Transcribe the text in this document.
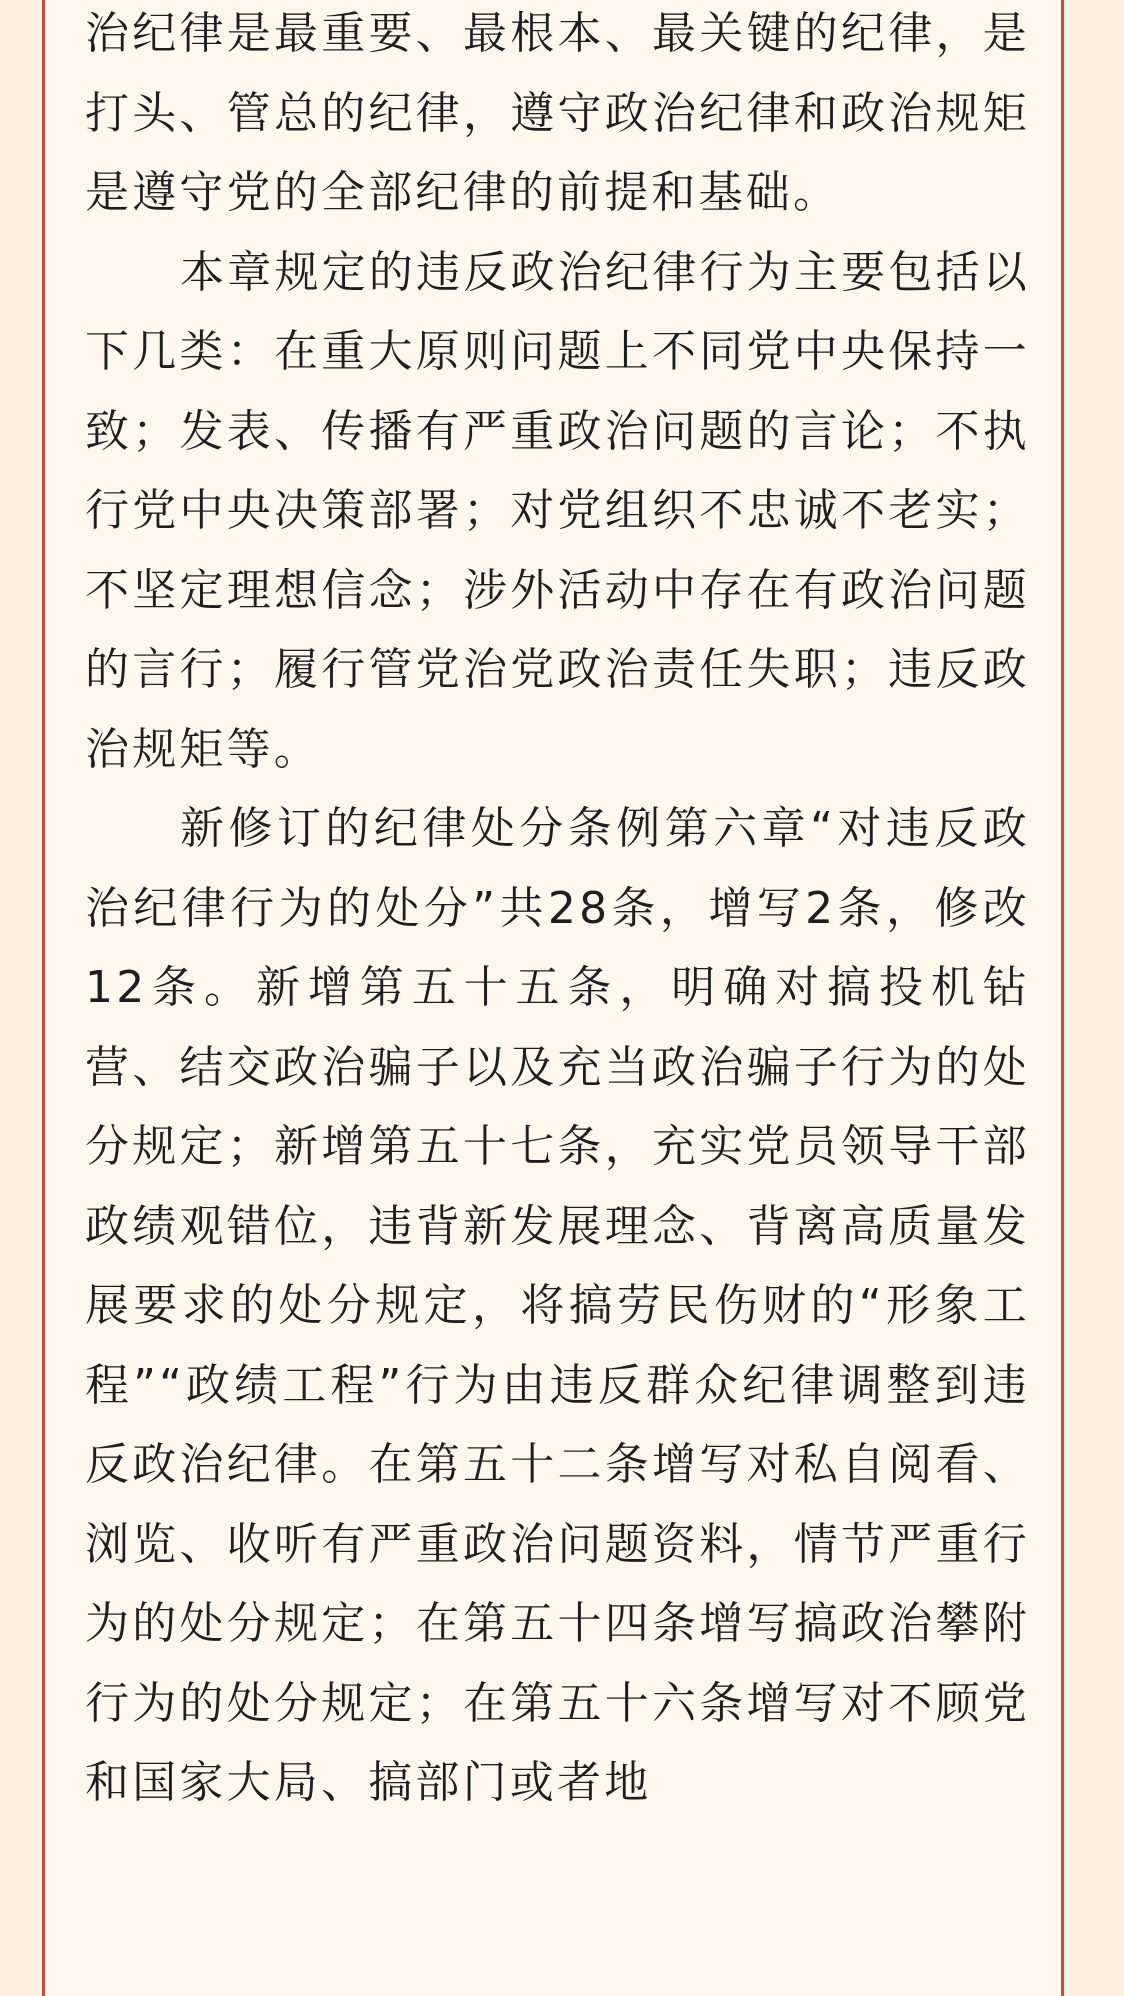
治纪律是最重要、最根本、最关键的纪律，是打头、管总的纪律，遵守政治纪律和政治规矩是遵守党的全部纪律的前提和基础。

本章规定的违反政治纪律行为主要包括以下几类：在重大原则问题上不同党中央保持一致；发表、传播有严重政治问题的言论；不执行党中央决策部署；对党组织不忠诚不老实；不坚定理想信念；涉外活动中存在有政治问题的言行；履行管党治党政治责任失职；违反政治规矩等。

新修订的纪律处分条例第六章“对违反政治纪律行为的处分”共28条，增写2条，修改12条。新增第五十五条，明确对搞投机钻营、结交政治骗子以及充当政治骗子行为的处分规定；新增第五十七条，充实党员领导干部政绩观错位，违背新发展理念、背离高质量发展要求的处分规定，将搞劳民伤财的“形象工程”“政绩工程”行为由违反群众纪律调整到违反政治纪律。在第五十二条增写对私自阅看、浏览、收听有严重政治问题资料，情节严重行为的处分规定；在第五十四条增写搞政治攀附行为的处分规定；在第五十六条增写对不顾党和国家大局、搞部门或者地
